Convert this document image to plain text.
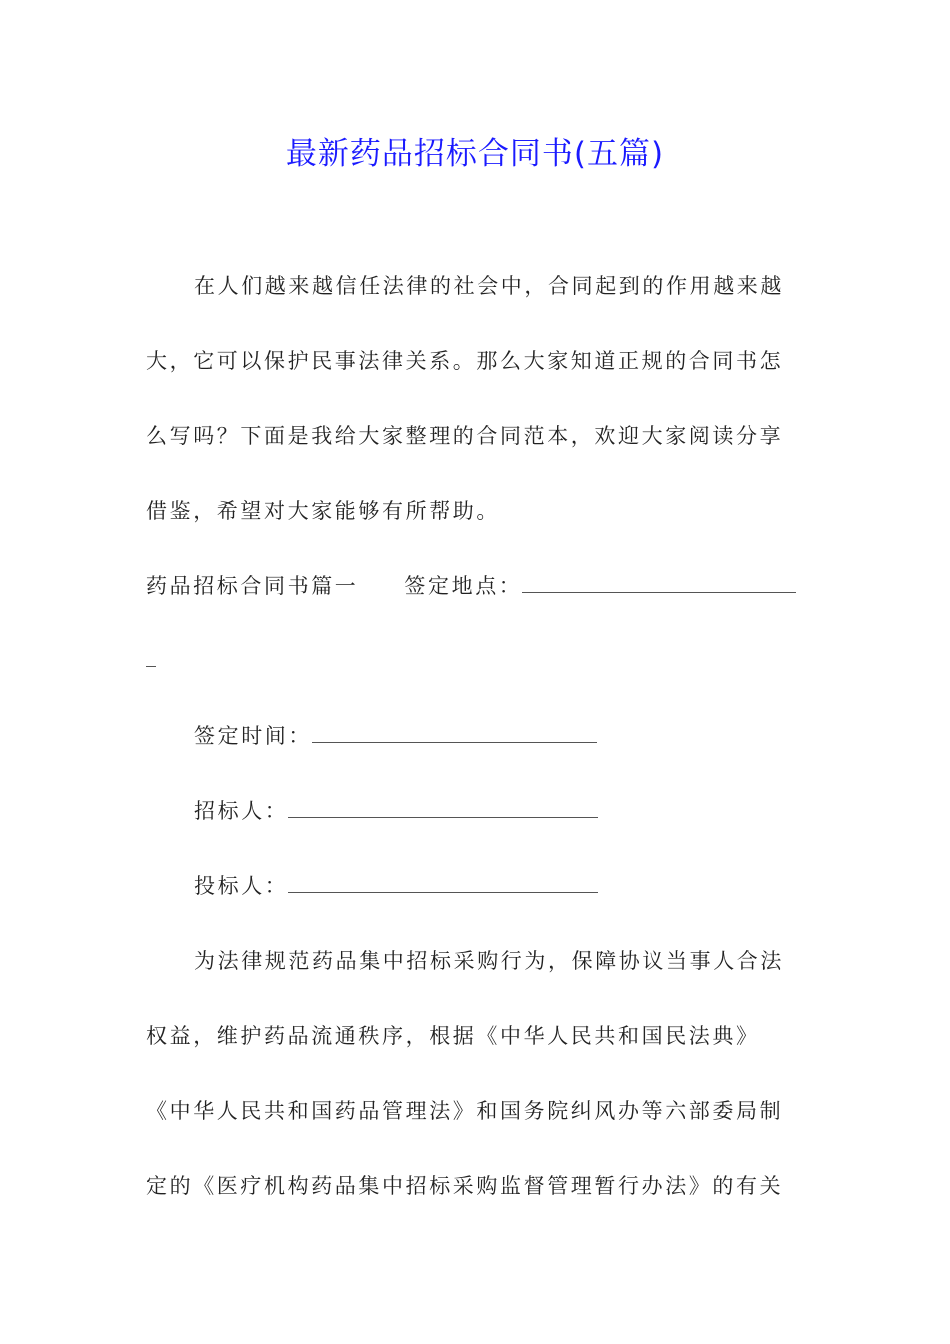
最新药品招标合同书(五篇)
在人们越来越信任法律的社会中，合同起到的作用越来越
大，它可以保护民事法律关系。那么大家知道正规的合同书怎
么写吗？下面是我给大家整理的合同范本，欢迎大家阅读分享
借鉴，希望对大家能够有所帮助。
药品招标合同书篇一 签定地点：
签定时间：
招标人：
投标人：
为法律规范药品集中招标采购行为，保障协议当事人合法
权益，维护药品流通秩序，根据《中华人民共和国民法典》
《中华人民共和国药品管理法》和国务院纠风办等六部委局制
定的《医疗机构药品集中招标采购监督管理暂行办法》的有关
